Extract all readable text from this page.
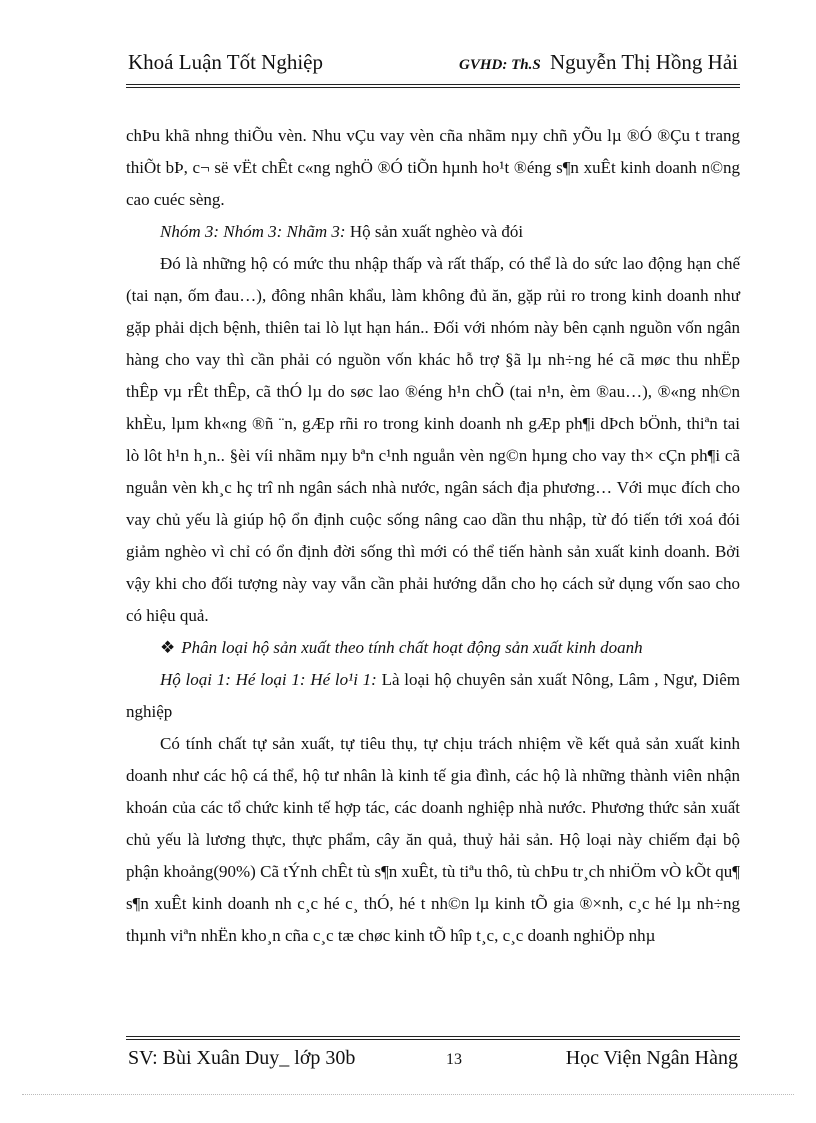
Khoá Luận Tốt Nghiệp	GVHD: Th.S Nguyễn Thị Hồng Hải

chÞu khã nhng thiÕu vèn. Nhu vÇu vay vèn cña nhãm nµy chñ yÕu lµ ®Ó ®Çu t trang thiÕt bÞ, c¬ së vËt chÊt c«ng nghÖ ®Ó tiÕn hµnh ho¹t ®éng s¶n xuÊt kinh doanh n©ng cao cuéc sèng.

Nhóm 3: Nhóm 3: Nhãm 3: Hộ sản xuất nghèo và đói

Đó là những hộ có mức thu nhập thấp và rất thấp, có thể là do sức lao động hạn chế (tai nạn, ốm đau…), đông nhân khẩu, làm không đủ ăn, gặp rủi ro trong kinh doanh như gặp phải dịch bệnh, thiên tai lò lụt hạn hán.. Đối với nhóm này bên cạnh nguồn vốn ngân hàng cho vay thì cần phải có nguồn vốn khác hỗ trợ §ã lµ nh÷ng hé cã møc thu nhËp thÊp vµ rÊt thÊp, cã thÓ lµ do søc lao ®éng h¹n chÕ (tai n¹n, èm ®au…), ®«ng nh©n khÈu, lµm kh«ng ®ñ ¨n, gÆp rñi ro trong kinh doanh nh gÆp ph¶i dÞch bÖnh, thiªn tai lò lôt h¹n h¸n.. §èi víi nhãm nµy bªn c¹nh nguån vèn ng©n hµng cho vay th× cÇn ph¶i cã nguån vèn kh¸c hç trî nh ngân sách nhà nước, ngân sách địa phương… Với mục đích cho vay chủ yếu là giúp hộ ổn định cuộc sống nâng cao dần thu nhập, từ đó tiến tới xoá đói giảm nghèo vì chỉ có ổn định đời sống thì mới có thể tiến hành sản xuất kinh doanh. Bởi vậy khi cho đối tượng này vay vẫn cần phải hướng dẫn cho họ cách sử dụng vốn sao cho có hiệu quả.

❖ Phân loại hộ sản xuất theo tính chất hoạt động sản xuất kinh doanh

Hộ loại 1: Hé loại 1: Hé lo¹i 1: Là loại hộ chuyên sản xuất Nông, Lâm , Ngư, Diêm nghiệp

Có tính chất tự sản xuất, tự tiêu thụ, tự chịu trách nhiệm về kết quả sản xuất kinh doanh như các hộ cá thể, hộ tư nhân là kinh tế gia đình, các hộ là những thành viên nhận khoán của các tổ chức kinh tế hợp tác, các doanh nghiệp nhà nước. Phương thức sản xuất chủ yếu là lương thực, thực phẩm, cây ăn quả, thuỷ hải sản. Hộ loại này chiếm đại bộ phận khoảng(90%) Cã tÝnh chÊt tù s¶n xuÊt, tù tiªu thô, tù chÞu tr¸ch nhiÖm vÒ kÕt qu¶ s¶n xuÊt kinh doanh nh c¸c hé c¸ thÓ, hé t nh©n lµ kinh tÕ gia ®×nh, c¸c hé lµ nh÷ng thµnh viªn nhËn kho¸n cña c¸c tæ chøc kinh tÕ hîp t¸c, c¸c doanh nghiÖp nhµ

SV: Bùi Xuân Duy_ lớp 30b	13	Học Viện Ngân Hàng
